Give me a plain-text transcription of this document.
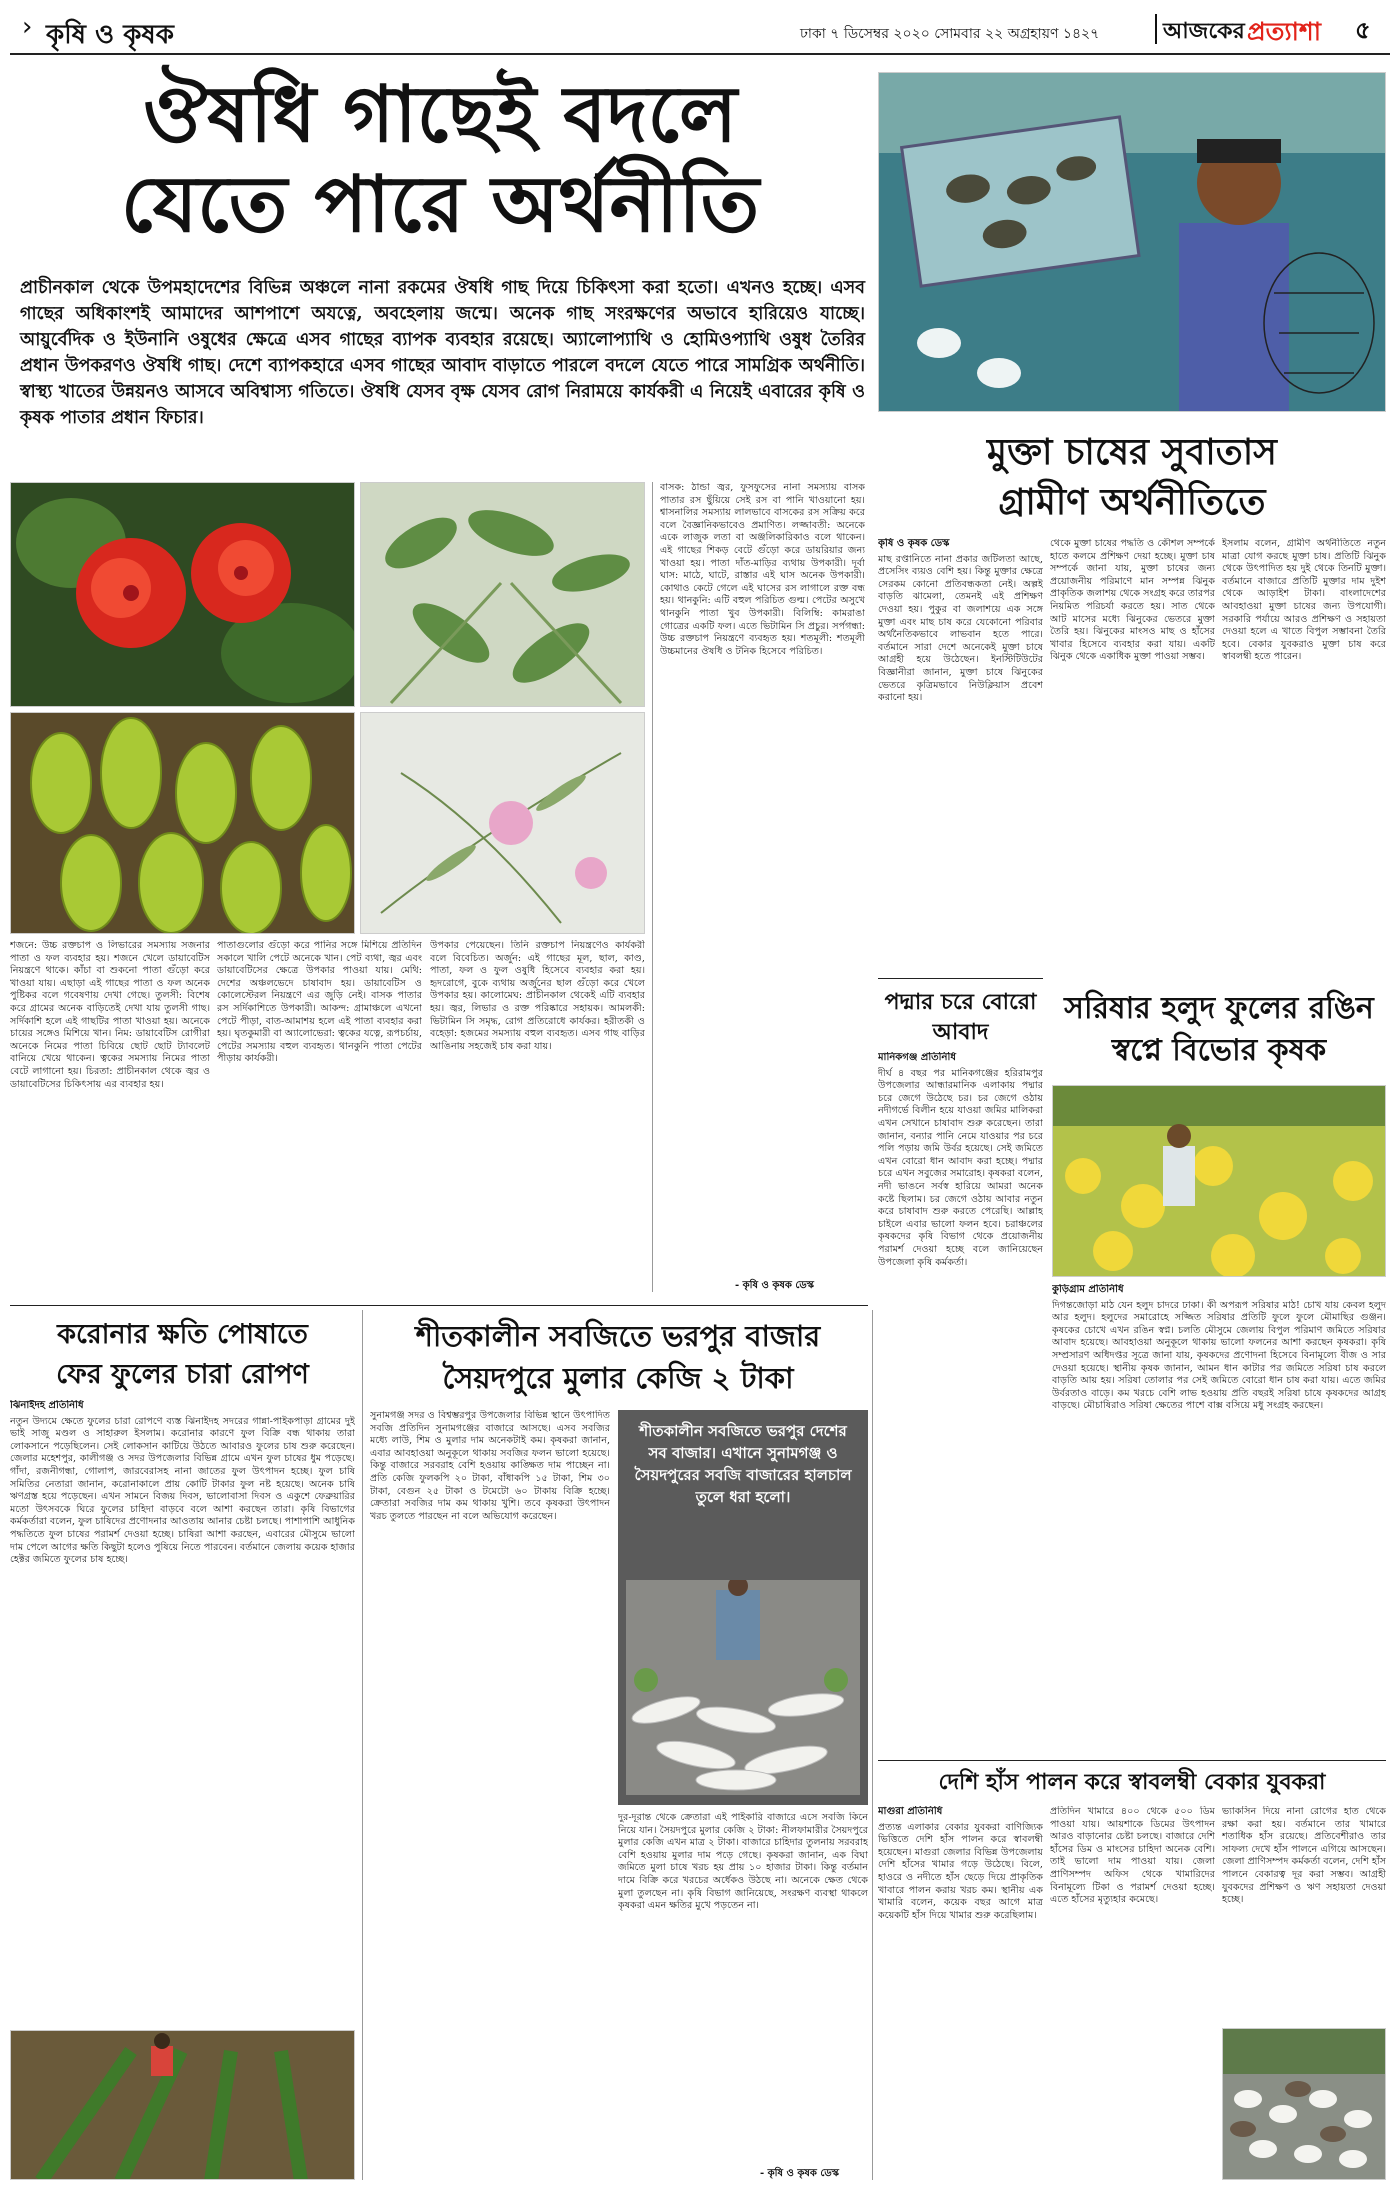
› কৃষি ও কৃষক	ঢাকা ৭ ডিসেম্বর ২০২০ সোমবার ২২ অগ্রহায়ণ ১৪২৭	আজকের প্রত্যাশা ৫
ঔষধি গাছেই বদলে
যেতে পারে অর্থনীতি
প্রাচীনকাল থেকে উপমহাদেশের বিভিন্ন অঞ্চলে নানা রকমের ঔষধি গাছ দিয়ে চিকিৎসা করা হতো। এখনও হচ্ছে। এসব গাছের অধিকাংশই আমাদের আশপাশে অযত্নে, অবহেলায় জন্মে। অনেক গাছ সংরক্ষণের অভাবে হারিয়েও যাচ্ছে। আয়ুর্বেদিক ও ইউনানি ওষুধের ক্ষেত্রে এসব গাছের ব্যাপক ব্যবহার রয়েছে। অ্যালোপ্যাথি ও হোমিওপ্যাথি ওষুধ তৈরির প্রধান উপকরণও ঔষধি গাছ। দেশে ব্যাপকহারে এসব গাছের আবাদ বাড়াতে পারলে বদলে যেতে পারে সামগ্রিক অর্থনীতি। স্বাস্থ্য খাতের উন্নয়নও আসবে অবিশ্বাস্য গতিতে। ঔষধি যেসব বৃক্ষ যেসব রোগ নিরাময়ে কার্যকরী এ নিয়েই এবারের কৃষি ও কৃষক পাতার প্রধান ফিচার।
শজনে: উচ্চ রক্তচাপ ও লিভারের সমস্যায় সজনার পাতা ও ফল ব্যবহার হয়। শজনে খেলে ডায়াবেটিস নিয়ন্ত্রণে থাকে। কাঁচা বা শুকনো পাতা গুঁড়ো করে খাওয়া যায়। এছাড়া এই গাছের পাতা ও ফল অনেক পুষ্টিকর বলে গবেষণায় দেখা গেছে। তুলসী: বিশেষ করে গ্রামের অনেক বাড়িতেই দেখা যায় তুলসী গাছ। সর্দিকাশি হলে এই গাছটির পাতা খাওয়া হয়। অনেকে চায়ের সঙ্গেও মিশিয়ে খান। নিম: ডায়াবেটিস রোগীরা অনেকে নিমের পাতা চিবিয়ে ছোট ছোট ট্যাবলেট বানিয়ে খেয়ে থাকেন। ত্বকের সমস্যায় নিমের পাতা বেটে লাগানো হয়। চিরতা: প্রাচীনকাল থেকে জ্বর ও ডায়াবেটিসের চিকিৎসায় এর ব্যবহার হয়।
পাতাগুলোর গুঁড়ো করে পানির সঙ্গে মিশিয়ে প্রতিদিন সকালে খালি পেটে অনেকে খান। পেট ব্যথা, জ্বর এবং ডায়াবেটিসের ক্ষেত্রে উপকার পাওয়া যায়। মেথি: দেশের অঞ্চলভেদে চাষাবাদ হয়। ডায়াবেটিস ও কোলেস্টেরল নিয়ন্ত্রণে এর জুড়ি নেই। বাসক পাতার রস সর্দিকাশিতে উপকারী। আকন্দ: গ্রামাঞ্চলে এখনো পেটে পীড়া, বাত-আমাশয় হলে এই পাতা ব্যবহার করা হয়। ঘৃতকুমারী বা অ্যালোভেরা: ত্বকের যত্নে, রূপচর্চায়, পেটের সমস্যায় বহুল ব্যবহৃত। থানকুনি পাতা পেটের পীড়ায় কার্যকরী।
উপকার পেয়েছেন। তিনি রক্তচাপ নিয়ন্ত্রণেও কার্যকরী বলে বিবেচিত। অর্জুন: এই গাছের মূল, ছাল, কাণ্ড, পাতা, ফল ও ফুল ওষুধি হিসেবে ব্যবহার করা হয়। হৃদরোগে, বুকে ব্যথায় অর্জুনের ছাল গুঁড়ো করে খেলে উপকার হয়। কালোমেঘ: প্রাচীনকাল থেকেই এটি ব্যবহার হয়। জ্বর, লিভার ও রক্ত পরিষ্কারে সহায়ক। আমলকী: ভিটামিন সি সমৃদ্ধ, রোগ প্রতিরোধে কার্যকর। হরীতকী ও বহেড়া: হজমের সমস্যায় বহুল ব্যবহৃত। এসব গাছ বাড়ির আঙিনায় সহজেই চাষ করা যায়।
বাসক: ঠান্ডা জ্বর, ফুসফুসের নানা সমস্যায় বাসক পাতার রস ছুঁয়িয়ে সেই রস বা পানি খাওয়ানো হয়। শ্বাসনালির সমস্যায় লালভাবে বাসকের রস সক্রিয় করে বলে বৈজ্ঞানিকভাবেও প্রমাণিত। লজ্জাবতী: অনেকে একে লাজুক লতা বা অঞ্জলিকারিকাও বলে থাকেন। এই গাছের শিকড় বেটে গুঁড়ো করে ডায়রিয়ার জন্য খাওয়া হয়। পাতা দাঁত-মাড়ির ব্যথায় উপকারী। দূর্বা ঘাস: মাঠে, ঘাটে, রাস্তার এই ঘাস অনেক উপকারী। কোথাও কেটে গেলে এই ঘাসের রস লাগালে রক্ত বন্ধ হয়। থানকুনি: এটি বহুল পরিচিত গুল্ম। পেটের অসুখে থানকুনি পাতা খুব উপকারী। বিলিম্বি: কামরাঙা গোত্রের একটি ফল। এতে ভিটামিন সি প্রচুর। সর্পগন্ধা: উচ্চ রক্তচাপ নিয়ন্ত্রণে ব্যবহৃত হয়। শতমূলী: শতমূলী উচ্চমানের ঔষধি ও টনিক হিসেবে পরিচিত।
- কৃষি ও কৃষক ডেস্ক
মুক্তা চাষের সুবাতাস
গ্রামীণ অর্থনীতিতে
কৃষি ও কৃষক ডেস্ক
মাছ রপ্তানিতে নানা প্রকার জটিলতা আছে, প্রসেসিং ব্যয়ও বেশি হয়। কিন্তু মুক্তার ক্ষেত্রে সেরকম কোনো প্রতিবন্ধকতা নেই। অল্পই বাড়তি ঝামেলা, তেমনই এই প্রশিক্ষণ দেওয়া হয়। পুকুর বা জলাশয়ে এক সঙ্গে মুক্তা এবং মাছ চাষ করে যেকোনো পরিবার অর্থনৈতিকভাবে লাভবান হতে পারে। বর্তমানে সারা দেশে অনেকেই মুক্তা চাষে আগ্রহী হয়ে উঠেছেন। ইনস্টিটিউটের বিজ্ঞানীরা জানান, মুক্তা চাষে ঝিনুকের ভেতরে কৃত্রিমভাবে নিউক্লিয়াস প্রবেশ করানো হয়।
থেকে মুক্তা চাষের পদ্ধতি ও কৌশল সম্পর্কে হাতে কলমে প্রশিক্ষণ দেয়া হচ্ছে। মুক্তা চাষ সম্পর্কে জানা যায়, মুক্তা চাষের জন্য প্রয়োজনীয় পরিমাণে মান সম্পন্ন ঝিনুক প্রাকৃতিক জলাশয় থেকে সংগ্রহ করে তারপর নিয়মিত পরিচর্যা করতে হয়। সাত থেকে আট মাসের মধ্যে ঝিনুকের ভেতরে মুক্তা তৈরি হয়। ঝিনুকের মাংসও মাছ ও হাঁসের খাবার হিসেবে ব্যবহার করা যায়। একটি ঝিনুক থেকে একাধিক মুক্তা পাওয়া সম্ভব।
ইসলাম বলেন, গ্রামীণ অর্থনীতিতে নতুন মাত্রা যোগ করছে মুক্তা চাষ। প্রতিটি ঝিনুক থেকে উৎপাদিত হয় দুই থেকে তিনটি মুক্তা। বর্তমানে বাজারে প্রতিটি মুক্তার দাম দুইশ থেকে আড়াইশ টাকা। বাংলাদেশের আবহাওয়া মুক্তা চাষের জন্য উপযোগী। সরকারি পর্যায়ে আরও প্রশিক্ষণ ও সহায়তা দেওয়া হলে এ খাতে বিপুল সম্ভাবনা তৈরি হবে। বেকার যুবকরাও মুক্তা চাষ করে স্বাবলম্বী হতে পারেন।
পদ্মার চরে বোরো
আবাদ
মানিকগঞ্জ প্রতিনিধি
দীর্ঘ ৪ বছর পর মানিকগঞ্জের হরিরামপুর উপজেলার আন্ধারমানিক এলাকায় পদ্মার চরে জেগে উঠেছে চর। চর জেগে ওঠায় নদীগর্ভে বিলীন হয়ে যাওয়া জমির মালিকরা এখন সেখানে চাষাবাদ শুরু করেছেন। তারা জানান, বন্যার পানি নেমে যাওয়ার পর চরে পলি পড়ায় জমি উর্বর হয়েছে। সেই জমিতে এখন বোরো ধান আবাদ করা হচ্ছে। পদ্মার চরে এখন সবুজের সমারোহ। কৃষকরা বলেন, নদী ভাঙনে সর্বস্ব হারিয়ে আমরা অনেক কষ্টে ছিলাম। চর জেগে ওঠায় আবার নতুন করে চাষাবাদ শুরু করতে পেরেছি। আল্লাহ চাইলে এবার ভালো ফলন হবে। চরাঞ্চলের কৃষকদের কৃষি বিভাগ থেকে প্রয়োজনীয় পরামর্শ দেওয়া হচ্ছে বলে জানিয়েছেন উপজেলা কৃষি কর্মকর্তা।
সরিষার হলুদ ফুলের রঙিন
স্বপ্নে বিভোর কৃষক
কুড়িগ্রাম প্রতিনিধি
দিগন্তজোড়া মাঠ যেন হলুদ চাদরে ঢাকা। কী অপরূপ সরিষার মাঠ! চোখ যায় কেবল হলুদ আর হলুদ। হলুদের সমারোহে সজ্জিত সরিষার প্রতিটি ফুলে ফুলে মৌমাছির গুঞ্জন। কৃষকের চোখে এখন রঙিন স্বপ্ন। চলতি মৌসুমে জেলায় বিপুল পরিমাণ জমিতে সরিষার আবাদ হয়েছে। আবহাওয়া অনুকূলে থাকায় ভালো ফলনের আশা করছেন কৃষকরা। কৃষি সম্প্রসারণ অধিদপ্তর সূত্রে জানা যায়, কৃষকদের প্রণোদনা হিসেবে বিনামূল্যে বীজ ও সার দেওয়া হয়েছে। স্থানীয় কৃষক জানান, আমন ধান কাটার পর জমিতে সরিষা চাষ করলে বাড়তি আয় হয়। সরিষা তোলার পর সেই জমিতে বোরো ধান চাষ করা যায়। এতে জমির উর্বরতাও বাড়ে। কম খরচে বেশি লাভ হওয়ায় প্রতি বছরই সরিষা চাষে কৃষকদের আগ্রহ বাড়ছে। মৌচাষিরাও সরিষা ক্ষেতের পাশে বাক্স বসিয়ে মধু সংগ্রহ করছেন।
করোনার ক্ষতি পোষাতে
ফের ফুলের চারা রোপণ
ঝিনাইদহ প্রতিনিধি
নতুন উদ্যমে ক্ষেতে ফুলের চারা রোপণে ব্যস্ত ঝিনাইদহ সদরের গান্না-পাইকপাড়া গ্রামের দুই ভাই সাজু মণ্ডল ও সাহারুল ইসলাম। করোনার কারণে ফুল বিক্রি বন্ধ থাকায় তারা লোকসানে পড়েছিলেন। সেই লোকসান কাটিয়ে উঠতে আবারও ফুলের চাষ শুরু করেছেন। জেলার মহেশপুর, কালীগঞ্জ ও সদর উপজেলার বিভিন্ন গ্রামে এখন ফুল চাষের ধুম পড়েছে। গাঁদা, রজনীগন্ধা, গোলাপ, জারবেরাসহ নানা জাতের ফুল উৎপাদন হচ্ছে। ফুল চাষি সমিতির নেতারা জানান, করোনাকালে প্রায় কোটি টাকার ফুল নষ্ট হয়েছে। অনেক চাষি ঋণগ্রস্ত হয়ে পড়েছেন। এখন সামনে বিজয় দিবস, ভালোবাসা দিবস ও একুশে ফেব্রুয়ারির মতো উৎসবকে ঘিরে ফুলের চাহিদা বাড়বে বলে আশা করছেন তারা। কৃষি বিভাগের কর্মকর্তারা বলেন, ফুল চাষিদের প্রণোদনার আওতায় আনার চেষ্টা চলছে। পাশাপাশি আধুনিক পদ্ধতিতে ফুল চাষের পরামর্শ দেওয়া হচ্ছে। চাষিরা আশা করছেন, এবারের মৌসুমে ভালো দাম পেলে আগের ক্ষতি কিছুটা হলেও পুষিয়ে নিতে পারবেন। বর্তমানে জেলায় কয়েক হাজার হেক্টর জমিতে ফুলের চাষ হচ্ছে।
শীতকালীন সবজিতে ভরপুর বাজার
সৈয়দপুরে মুলার কেজি ২ টাকা
সুনামগঞ্জ সদর ও বিশ্বম্ভরপুর উপজেলার বিভিন্ন স্থানে উৎপাদিত সবজি প্রতিদিন সুনামগঞ্জের বাজারে আসছে। এসব সবজির মধ্যে লাউ, শিম ও মুলার দাম অনেকটাই কম। কৃষকরা জানান, এবার আবহাওয়া অনুকূলে থাকায় সবজির ফলন ভালো হয়েছে। কিন্তু বাজারে সরবরাহ বেশি হওয়ায় কাঙ্ক্ষিত দাম পাচ্ছেন না। প্রতি কেজি ফুলকপি ২০ টাকা, বাঁধাকপি ১৫ টাকা, শিম ৩০ টাকা, বেগুন ২৫ টাকা ও টমেটো ৬০ টাকায় বিক্রি হচ্ছে। ক্রেতারা সবজির দাম কম থাকায় খুশি। তবে কৃষকরা উৎপাদন খরচ তুলতে পারছেন না বলে অভিযোগ করেছেন।
শীতকালীন সবজিতে ভরপুর দেশের সব বাজার। এখানে সুনামগঞ্জ ও সৈয়দপুরের সবজি বাজারের হালচাল তুলে ধরা হলো।
দুর-দূরান্ত থেকে ক্রেতারা এই পাইকারি বাজারে এসে সবজি কিনে নিয়ে যান। সৈয়দপুরে মুলার কেজি ২ টাকা: নীলফামারীর সৈয়দপুরে মুলার কেজি এখন মাত্র ২ টাকা। বাজারে চাহিদার তুলনায় সরবরাহ বেশি হওয়ায় মুলার দাম পড়ে গেছে। কৃষকরা জানান, এক বিঘা জমিতে মুলা চাষে খরচ হয় প্রায় ১০ হাজার টাকা। কিন্তু বর্তমান দামে বিক্রি করে খরচের অর্ধেকও উঠছে না। অনেকে ক্ষেত থেকে মুলা তুলছেন না। কৃষি বিভাগ জানিয়েছে, সংরক্ষণ ব্যবস্থা থাকলে কৃষকরা এমন ক্ষতির মুখে পড়তেন না।
- কৃষি ও কৃষক ডেস্ক
দেশি হাঁস পালন করে স্বাবলম্বী বেকার যুবকরা
মাগুরা প্রতিনিধি
প্রত্যন্ত এলাকার বেকার যুবকরা বাণিজ্যিক ভিত্তিতে দেশি হাঁস পালন করে স্বাবলম্বী হয়েছেন। মাগুরা জেলার বিভিন্ন উপজেলায় দেশি হাঁসের খামার গড়ে উঠেছে। বিলে, হাওরে ও নদীতে হাঁস ছেড়ে দিয়ে প্রাকৃতিক খাবারে পালন করায় খরচ কম। স্থানীয় এক খামারি বলেন, কয়েক বছর আগে মাত্র কয়েকটি হাঁস দিয়ে খামার শুরু করেছিলাম।
প্রতিদিন খামারে ৪০০ থেকে ৫০০ ডিম পাওয়া যায়। আয়শাকে ডিমের উৎপাদন আরও বাড়ানোর চেষ্টা চলছে। বাজারে দেশি হাঁসের ডিম ও মাংসের চাহিদা অনেক বেশি। তাই ভালো দাম পাওয়া যায়। জেলা প্রাণিসম্পদ অফিস থেকে খামারিদের বিনামূল্যে টিকা ও পরামর্শ দেওয়া হচ্ছে। এতে হাঁসের মৃত্যুহার কমেছে।
ভ্যাকসিন দিয়ে নানা রোগের হাত থেকে রক্ষা করা হয়। বর্তমানে তার খামারে শতাধিক হাঁস রয়েছে। প্রতিবেশীরাও তার সাফল্য দেখে হাঁস পালনে এগিয়ে আসছেন। জেলা প্রাণিসম্পদ কর্মকর্তা বলেন, দেশি হাঁস পালনে বেকারত্ব দূর করা সম্ভব। আগ্রহী যুবকদের প্রশিক্ষণ ও ঋণ সহায়তা দেওয়া হচ্ছে।
